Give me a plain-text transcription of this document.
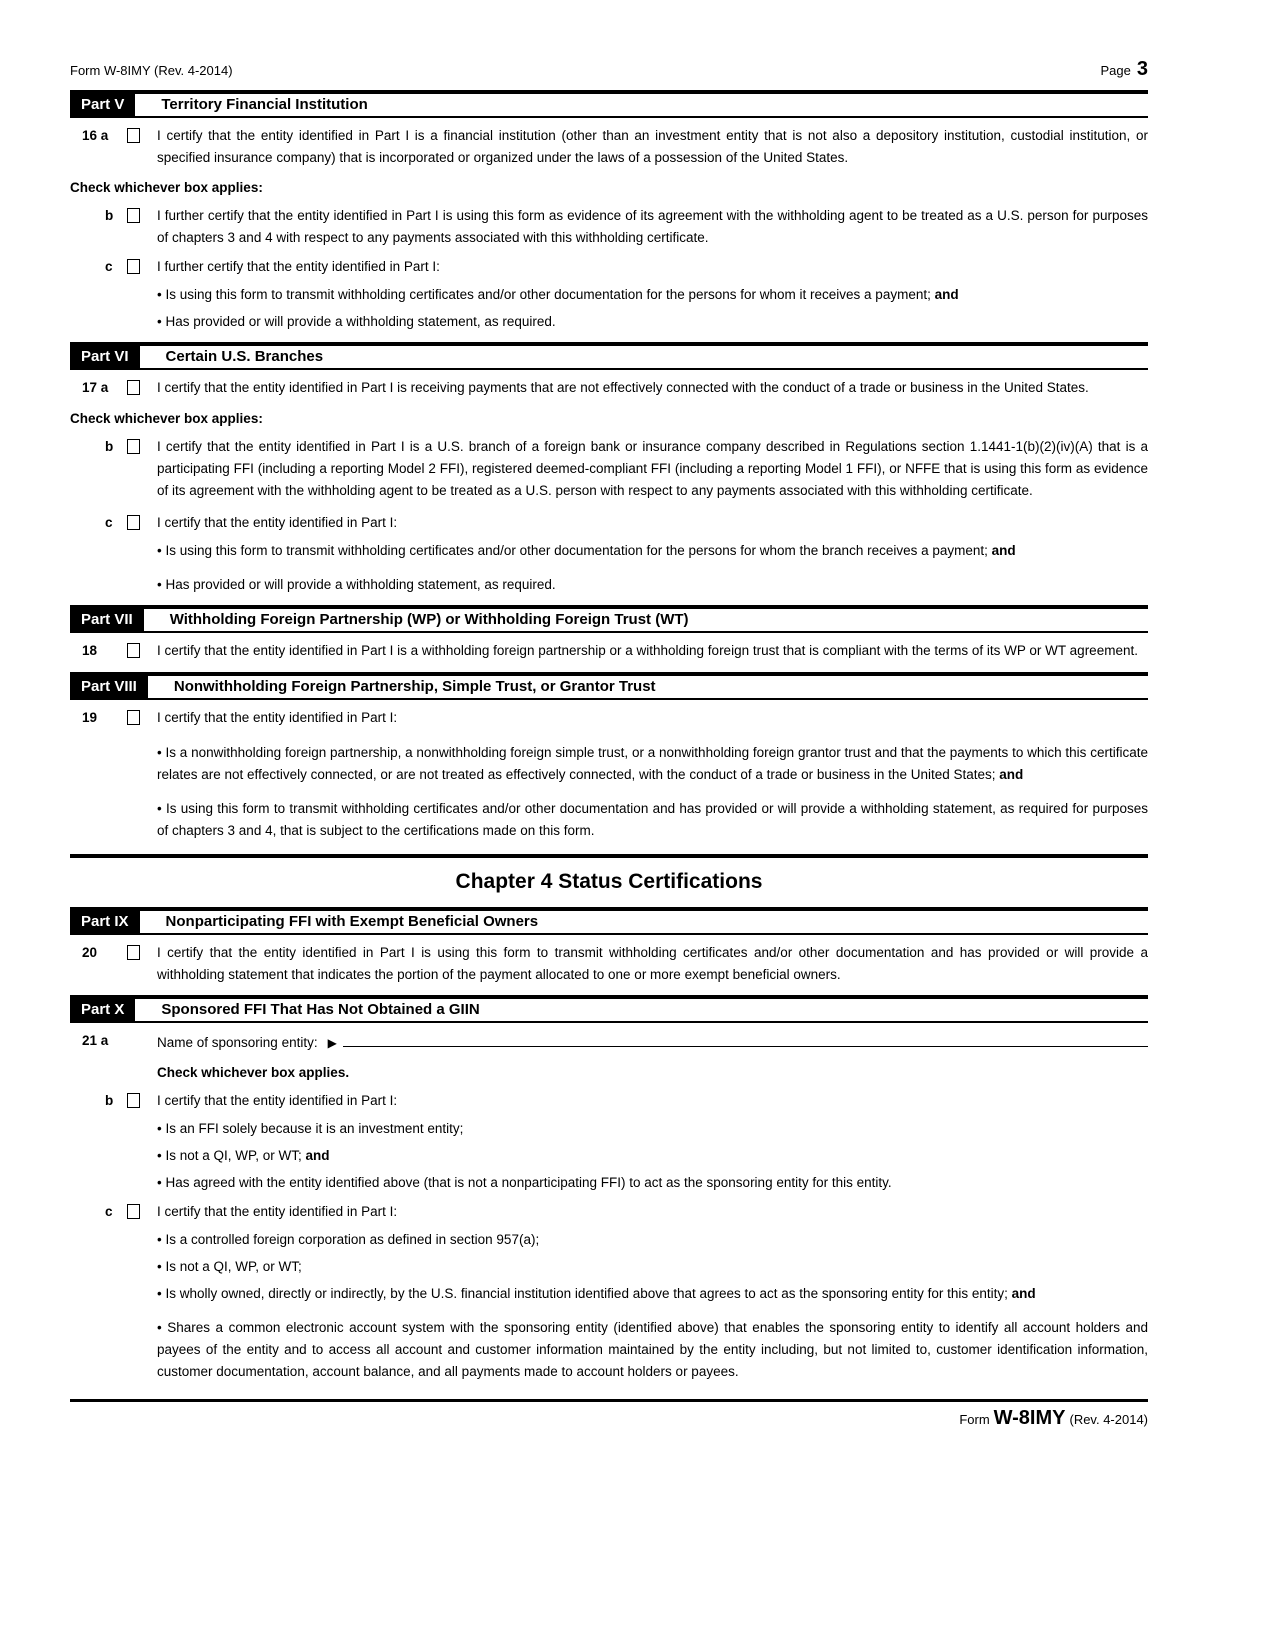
Form W-8IMY (Rev. 4-2014)	Page 3
Part V	Territory Financial Institution
16 a	I certify that the entity identified in Part I is a financial institution (other than an investment entity that is not also a depository institution, custodial institution, or specified insurance company) that is incorporated or organized under the laws of a possession of the United States.
Check whichever box applies:
b	I further certify that the entity identified in Part I is using this form as evidence of its agreement with the withholding agent to be treated as a U.S. person for purposes of chapters 3 and 4 with respect to any payments associated with this withholding certificate.
c	I further certify that the entity identified in Part I:
• Is using this form to transmit withholding certificates and/or other documentation for the persons for whom it receives a payment; and
• Has provided or will provide a withholding statement, as required.
Part VI	Certain U.S. Branches
17 a	I certify that the entity identified in Part I is receiving payments that are not effectively connected with the conduct of a trade or business in the United States.
Check whichever box applies:
b	I certify that the entity identified in Part I is a U.S. branch of a foreign bank or insurance company described in Regulations section 1.1441-1(b)(2)(iv)(A) that is a participating FFI (including a reporting Model 2 FFI), registered deemed-compliant FFI (including a reporting Model 1 FFI), or NFFE that is using this form as evidence of its agreement with the withholding agent to be treated as a U.S. person with respect to any payments associated with this withholding certificate.
c	I certify that the entity identified in Part I:
• Is using this form to transmit withholding certificates and/or other documentation for the persons for whom the branch receives a payment; and
• Has provided or will provide a withholding statement, as required.
Part VII	Withholding Foreign Partnership (WP) or Withholding Foreign Trust (WT)
18	I certify that the entity identified in Part I is a withholding foreign partnership or a withholding foreign trust that is compliant with the terms of its WP or WT agreement.
Part VIII	Nonwithholding Foreign Partnership, Simple Trust, or Grantor Trust
19	I certify that the entity identified in Part I:
• Is a nonwithholding foreign partnership, a nonwithholding foreign simple trust, or a nonwithholding foreign grantor trust and that the payments to which this certificate relates are not effectively connected, or are not treated as effectively connected, with the conduct of a trade or business in the United States; and
• Is using this form to transmit withholding certificates and/or other documentation and has provided or will provide a withholding statement, as required for purposes of chapters 3 and 4, that is subject to the certifications made on this form.
Chapter 4 Status Certifications
Part IX	Nonparticipating FFI with Exempt Beneficial Owners
20	I certify that the entity identified in Part I is using this form to transmit withholding certificates and/or other documentation and has provided or will provide a withholding statement that indicates the portion of the payment allocated to one or more exempt beneficial owners.
Part X	Sponsored FFI That Has Not Obtained a GIIN
21 a	Name of sponsoring entity: ▶
Check whichever box applies.
b	I certify that the entity identified in Part I:
• Is an FFI solely because it is an investment entity;
• Is not a QI, WP, or WT; and
• Has agreed with the entity identified above (that is not a nonparticipating FFI) to act as the sponsoring entity for this entity.
c	I certify that the entity identified in Part I:
• Is a controlled foreign corporation as defined in section 957(a);
• Is not a QI, WP, or WT;
• Is wholly owned, directly or indirectly, by the U.S. financial institution identified above that agrees to act as the sponsoring entity for this entity; and
• Shares a common electronic account system with the sponsoring entity (identified above) that enables the sponsoring entity to identify all account holders and payees of the entity and to access all account and customer information maintained by the entity including, but not limited to, customer identification information, customer documentation, account balance, and all payments made to account holders or payees.
Form W-8IMY (Rev. 4-2014)
